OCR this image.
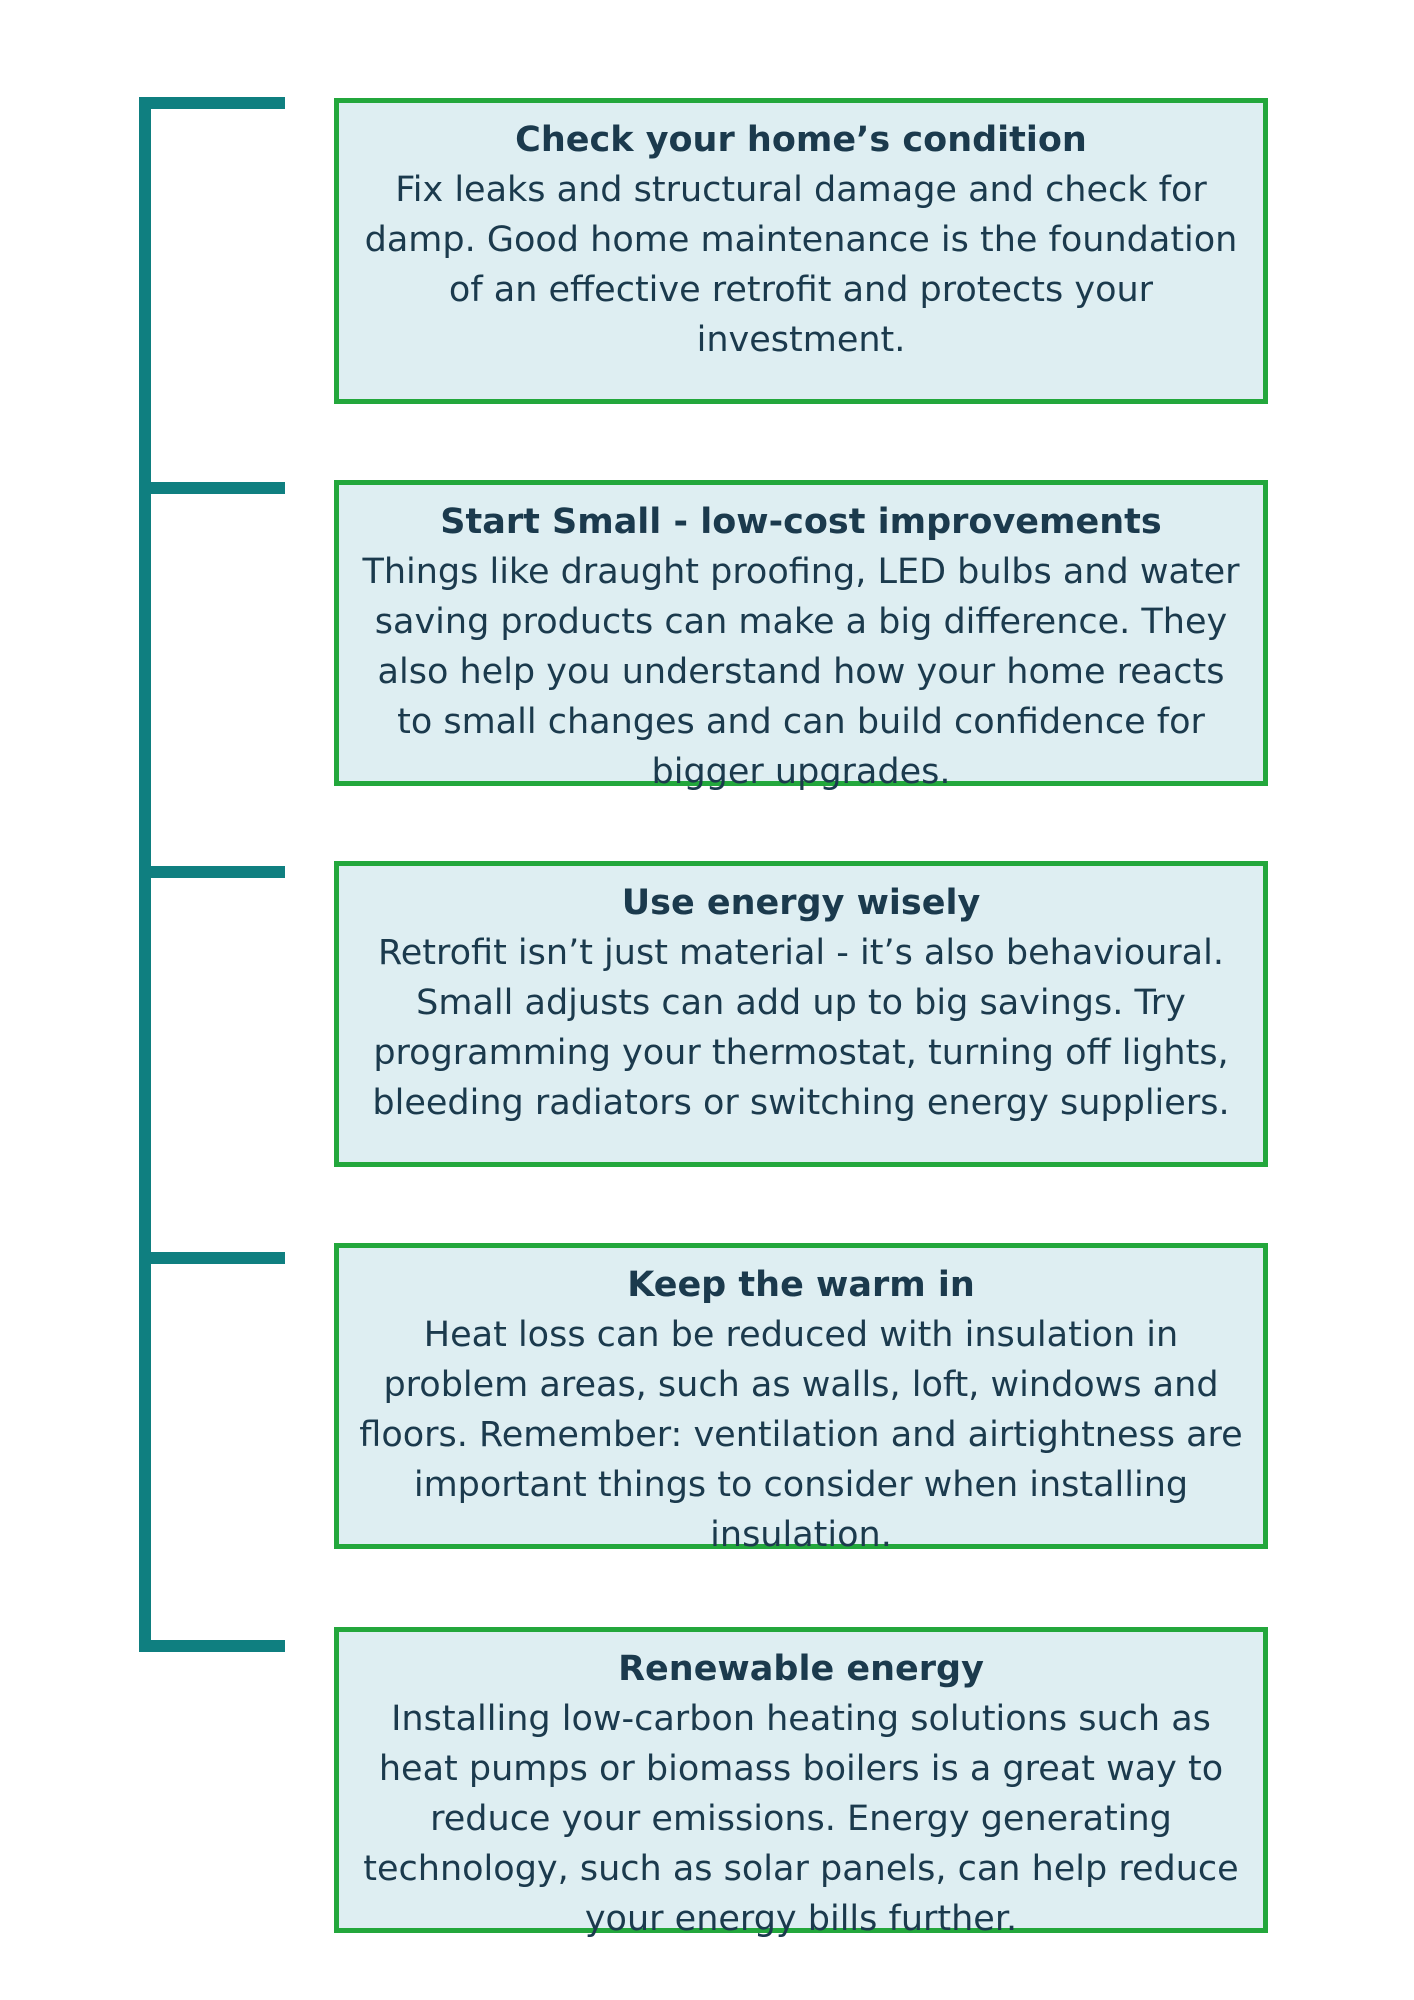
Check your home’s condition

Fix leaks and structural damage and check for damp. Good home maintenance is the foundation of an effective retrofit and protects your investment.

Start Small - low-cost improvements

Things like draught proofing, LED bulbs and water saving products can make a big difference. They also help you understand how your home reacts to small changes and can build confidence for bigger upgrades.

Use energy wisely

Retrofit isn’t just material - it’s also behavioural. Small adjusts can add up to big savings. Try programming your thermostat, turning off lights, bleeding radiators or switching energy suppliers.

Keep the warm in

Heat loss can be reduced with insulation in problem areas, such as walls, loft, windows and floors. Remember: ventilation and airtightness are important things to consider when installing insulation.

Renewable energy

Installing low-carbon heating solutions such as heat pumps or biomass boilers is a great way to reduce your emissions. Energy generating technology, such as solar panels, can help reduce your energy bills further.
